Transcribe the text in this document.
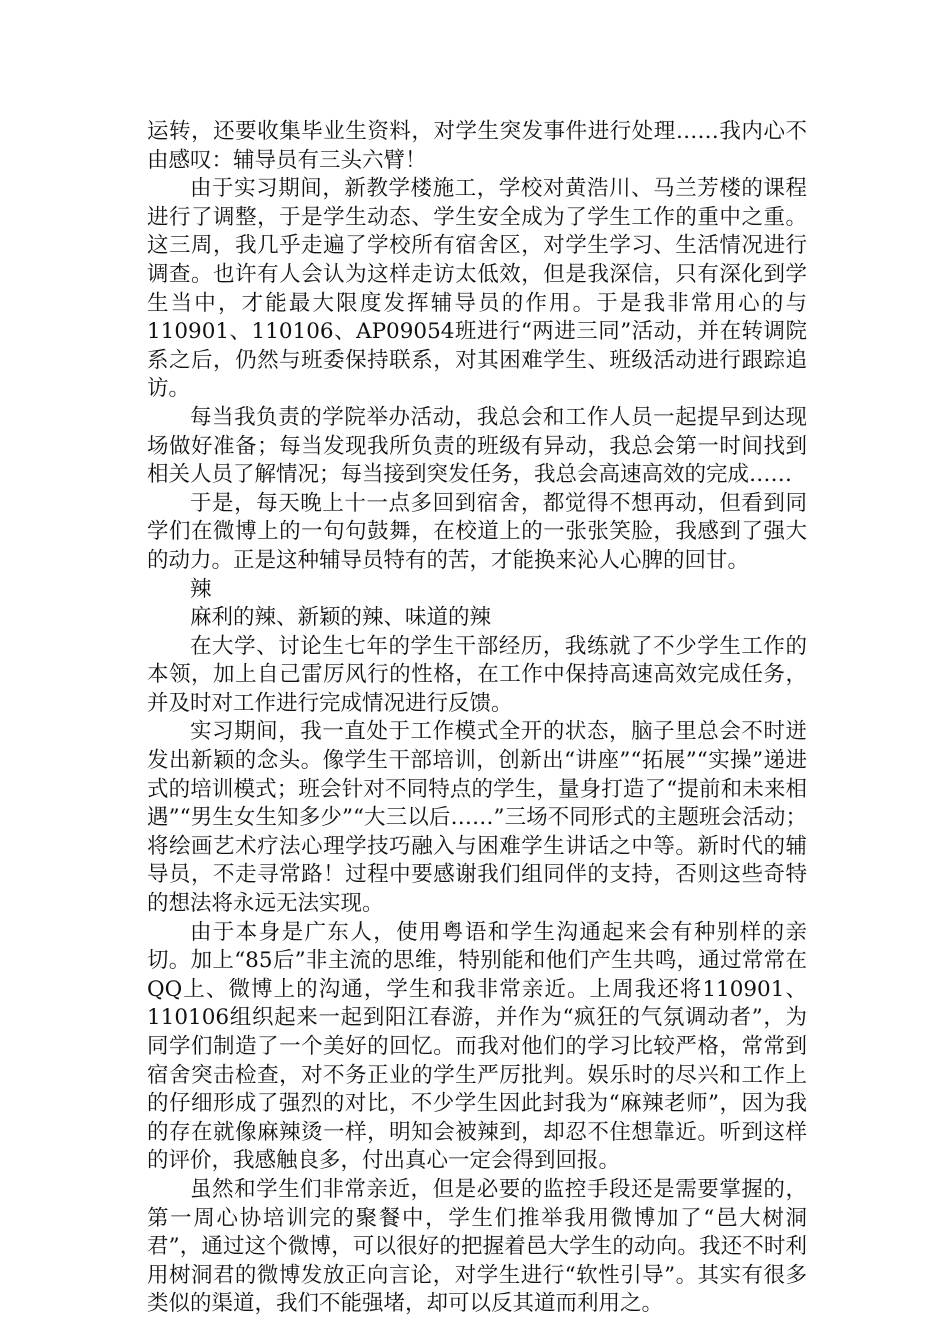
运转，还要收集毕业生资料，对学生突发事件进行处理……我内心不由感叹：辅导员有三头六臂！

由于实习期间，新教学楼施工，学校对黄浩川、马兰芳楼的课程进行了调整，于是学生动态、学生安全成为了学生工作的重中之重。这三周，我几乎走遍了学校所有宿舍区，对学生学习、生活情况进行调查。也许有人会认为这样走访太低效，但是我深信，只有深化到学生当中，才能最大限度发挥辅导员的作用。于是我非常用心的与110901、110106、AP09054班进行“两进三同”活动，并在转调院系之后，仍然与班委保持联系，对其困难学生、班级活动进行跟踪追访。

每当我负责的学院举办活动，我总会和工作人员一起提早到达现场做好准备；每当发现我所负责的班级有异动，我总会第一时间找到相关人员了解情况；每当接到突发任务，我总会高速高效的完成……

于是，每天晚上十一点多回到宿舍，都觉得不想再动，但看到同学们在微博上的一句句鼓舞，在校道上的一张张笑脸，我感到了强大的动力。正是这种辅导员特有的苦，才能换来沁人心脾的回甘。

辣

麻利的辣、新颖的辣、味道的辣

在大学、讨论生七年的学生干部经历，我练就了不少学生工作的本领，加上自己雷厉风行的性格，在工作中保持高速高效完成任务，并及时对工作进行完成情况进行反馈。

实习期间，我一直处于工作模式全开的状态，脑子里总会不时迸发出新颖的念头。像学生干部培训，创新出“讲座”“拓展”“实操”递进式的培训模式；班会针对不同特点的学生，量身打造了“提前和未来相遇”“男生女生知多少”“大三以后……”三场不同形式的主题班会活动；将绘画艺术疗法心理学技巧融入与困难学生讲话之中等。新时代的辅导员，不走寻常路！过程中要感谢我们组同伴的支持，否则这些奇特的想法将永远无法实现。

由于本身是广东人，使用粤语和学生沟通起来会有种别样的亲切。加上“85后”非主流的思维，特别能和他们产生共鸣，通过常常在QQ上、微博上的沟通，学生和我非常亲近。上周我还将110901、110106组织起来一起到阳江春游，并作为“疯狂的气氛调动者”，为同学们制造了一个美好的回忆。而我对他们的学习比较严格，常常到宿舍突击检查，对不务正业的学生严厉批判。娱乐时的尽兴和工作上的仔细形成了强烈的对比，不少学生因此封我为“麻辣老师”，因为我的存在就像麻辣烫一样，明知会被辣到，却忍不住想靠近。听到这样的评价，我感触良多，付出真心一定会得到回报。

虽然和学生们非常亲近，但是必要的监控手段还是需要掌握的，第一周心协培训完的聚餐中，学生们推举我用微博加了“邑大树洞君”，通过这个微博，可以很好的把握着邑大学生的动向。我还不时利用树洞君的微博发放正向言论，对学生进行“软性引导”。其实有很多类似的渠道，我们不能强堵，却可以反其道而利用之。
